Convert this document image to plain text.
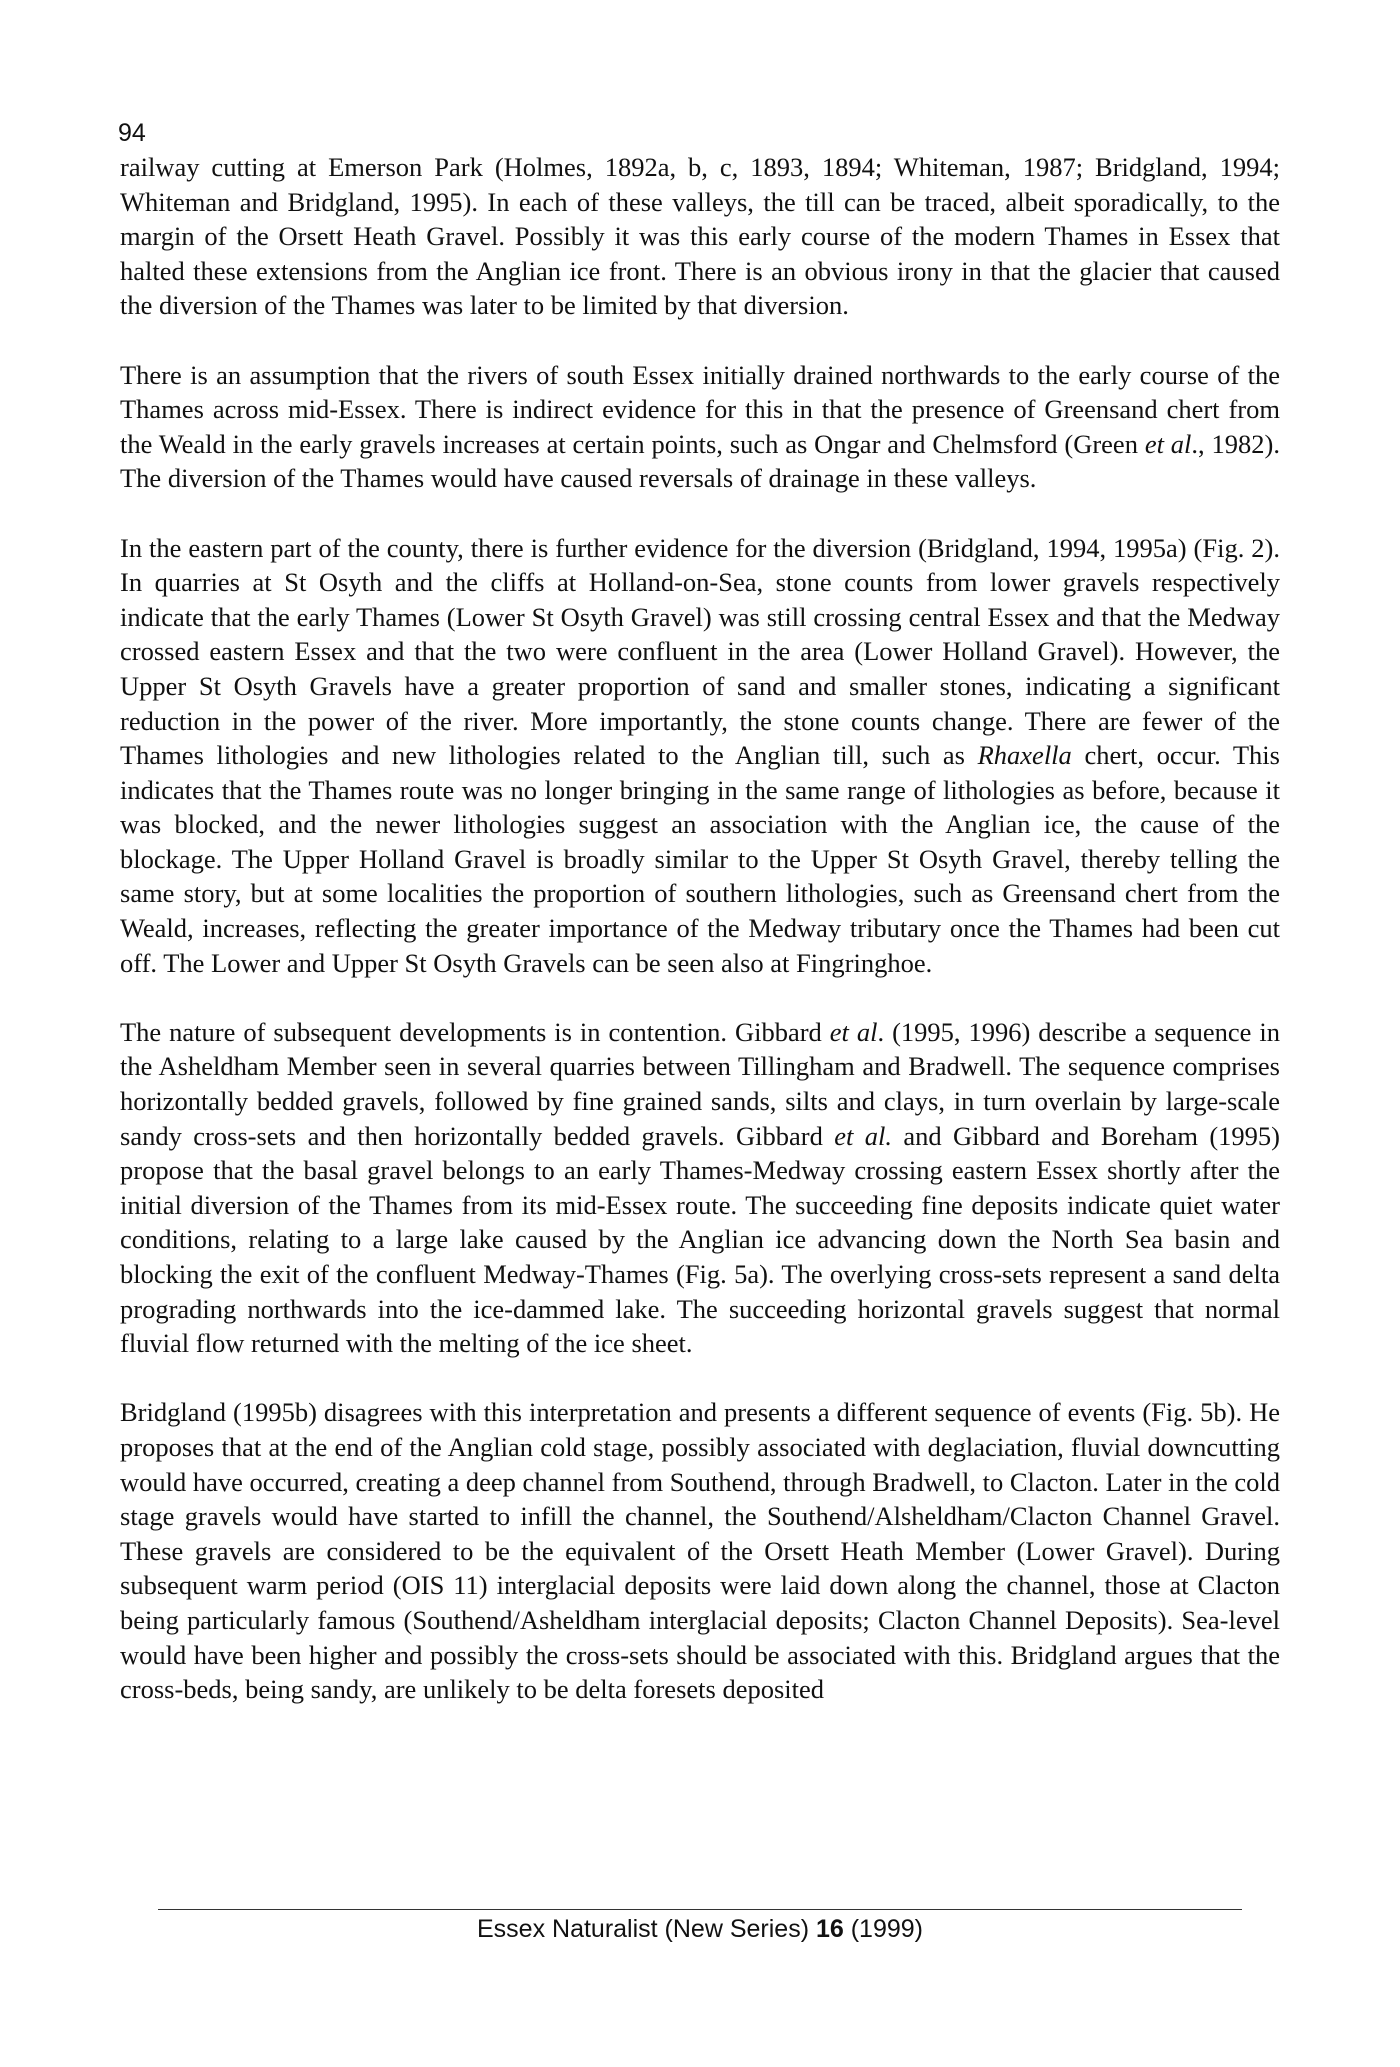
94

railway cutting at Emerson Park (Holmes, 1892a, b, c, 1893, 1894; Whiteman, 1987; Bridgland, 1994; Whiteman and Bridgland, 1995). In each of these valleys, the till can be traced, albeit sporadically, to the margin of the Orsett Heath Gravel. Possibly it was this early course of the modern Thames in Essex that halted these extensions from the Anglian ice front. There is an obvious irony in that the glacier that caused the diversion of the Thames was later to be limited by that diversion.

There is an assumption that the rivers of south Essex initially drained northwards to the early course of the Thames across mid-Essex. There is indirect evidence for this in that the presence of Greensand chert from the Weald in the early gravels increases at certain points, such as Ongar and Chelmsford (Green et al., 1982). The diversion of the Thames would have caused reversals of drainage in these valleys.

In the eastern part of the county, there is further evidence for the diversion (Bridgland, 1994, 1995a) (Fig. 2). In quarries at St Osyth and the cliffs at Holland-on-Sea, stone counts from lower gravels respectively indicate that the early Thames (Lower St Osyth Gravel) was still crossing central Essex and that the Medway crossed eastern Essex and that the two were confluent in the area (Lower Holland Gravel). However, the Upper St Osyth Gravels have a greater proportion of sand and smaller stones, indicating a significant reduction in the power of the river. More importantly, the stone counts change. There are fewer of the Thames lithologies and new lithologies related to the Anglian till, such as Rhaxella chert, occur. This indicates that the Thames route was no longer bringing in the same range of lithologies as before, because it was blocked, and the newer lithologies suggest an association with the Anglian ice, the cause of the blockage. The Upper Holland Gravel is broadly similar to the Upper St Osyth Gravel, thereby telling the same story, but at some localities the proportion of southern lithologies, such as Greensand chert from the Weald, increases, reflecting the greater importance of the Medway tributary once the Thames had been cut off. The Lower and Upper St Osyth Gravels can be seen also at Fingringhoe.

The nature of subsequent developments is in contention. Gibbard et al. (1995, 1996) describe a sequence in the Asheldham Member seen in several quarries between Tillingham and Bradwell. The sequence comprises horizontally bedded gravels, followed by fine grained sands, silts and clays, in turn overlain by large-scale sandy cross-sets and then horizontally bedded gravels. Gibbard et al. and Gibbard and Boreham (1995) propose that the basal gravel belongs to an early Thames-Medway crossing eastern Essex shortly after the initial diversion of the Thames from its mid-Essex route. The succeeding fine deposits indicate quiet water conditions, relating to a large lake caused by the Anglian ice advancing down the North Sea basin and blocking the exit of the confluent Medway-Thames (Fig. 5a). The overlying cross-sets represent a sand delta prograding northwards into the ice-dammed lake. The succeeding horizontal gravels suggest that normal fluvial flow returned with the melting of the ice sheet.

Bridgland (1995b) disagrees with this interpretation and presents a different sequence of events (Fig. 5b). He proposes that at the end of the Anglian cold stage, possibly associated with deglaciation, fluvial downcutting would have occurred, creating a deep channel from Southend, through Bradwell, to Clacton. Later in the cold stage gravels would have started to infill the channel, the Southend/Alsheldham/Clacton Channel Gravel. These gravels are considered to be the equivalent of the Orsett Heath Member (Lower Gravel). During subsequent warm period (OIS 11) interglacial deposits were laid down along the channel, those at Clacton being particularly famous (Southend/Asheldham interglacial deposits; Clacton Channel Deposits). Sea-level would have been higher and possibly the cross-sets should be associated with this. Bridgland argues that the cross-beds, being sandy, are unlikely to be delta foresets deposited

Essex Naturalist (New Series) 16 (1999)
